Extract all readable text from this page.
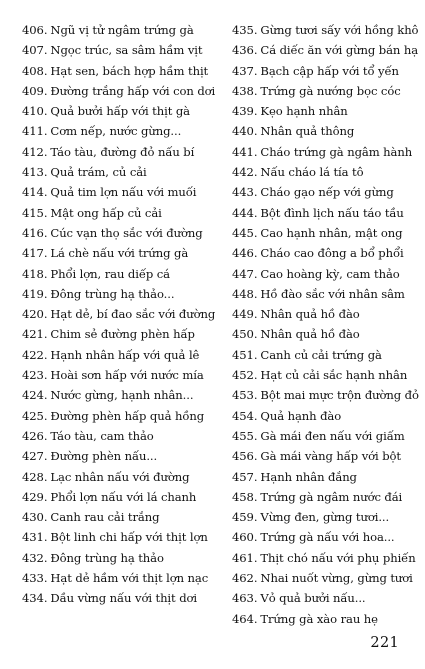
406. Ngũ vị tử ngâm trứng gà
407. Ngọc trúc, sa sâm hầm vịt
408. Hạt sen, bách hợp hầm thịt
409. Đường trắng hấp với con dơi
410. Quả bưởi hấp với thịt gà
411. Cơm nếp, nước gừng...
412. Táo tàu, đường đỏ nấu bí
413. Quả trám, củ cải
414. Quả tim lợn nấu với muối
415. Mật ong hấp củ cải
416. Cúc vạn thọ sắc với đường
417. Lá chè nấu với trứng gà
418. Phổi lợn, rau diếp cá
419. Đông trùng hạ thảo...
420. Hạt dẻ, bí đao sắc với đường
421. Chim sẻ đường phèn hấp
422. Hạnh nhân hấp với quả lê
423. Hoài sơn hấp với nước mía
424. Nước gừng, hạnh nhân...
425. Đường phèn hấp quả hồng
426. Táo tàu, cam thảo
427. Đường phèn nấu...
428. Lạc nhân nấu với đường
429. Phổi lợn nấu với lá chanh
430. Canh rau cải trắng
431. Bột linh chi hấp với thịt lợn
432. Đông trùng hạ thảo
433. Hạt dẻ hầm với thịt lợn nạc
434. Dầu vừng nấu với thịt dơi
435. Gừng tươi sấy với hồng khô
436. Cá diếc ăn với gừng bán hạ
437. Bạch cập hấp với tổ yến
438. Trứng gà nướng bọc cóc
439. Kẹo hạnh nhân
440. Nhân quả thông
441. Cháo trứng gà ngâm hành
442. Nấu cháo lá tía tô
443. Cháo gạo nếp với gừng
444. Bột đình lịch nấu táo tầu
445. Cao hạnh nhân, mật ong
446. Cháo cao đông a bổ phổi
447. Cao hoàng kỳ, cam thảo
448. Hồ đào sắc với nhân sâm
449. Nhân quả hồ đào
450. Nhân quả hồ đào
451. Canh củ cải trứng gà
452. Hạt củ cải sắc hạnh nhân
453. Bột mai mực trộn đường đỏ
454. Quả hạnh đào
455. Gà mái đen nấu với giấm
456. Gà mái vàng hấp với bột
457. Hạnh nhân đắng
458. Trứng gà ngâm nước đái
459. Vừng đen, gừng tươi...
460. Trứng gà nấu với hoa...
461. Thịt chó nấu với phụ phiến
462. Nhai nuốt vừng, gừng tươi
463. Vỏ quả bưởi nấu...
464. Trứng gà xào rau hẹ
221
